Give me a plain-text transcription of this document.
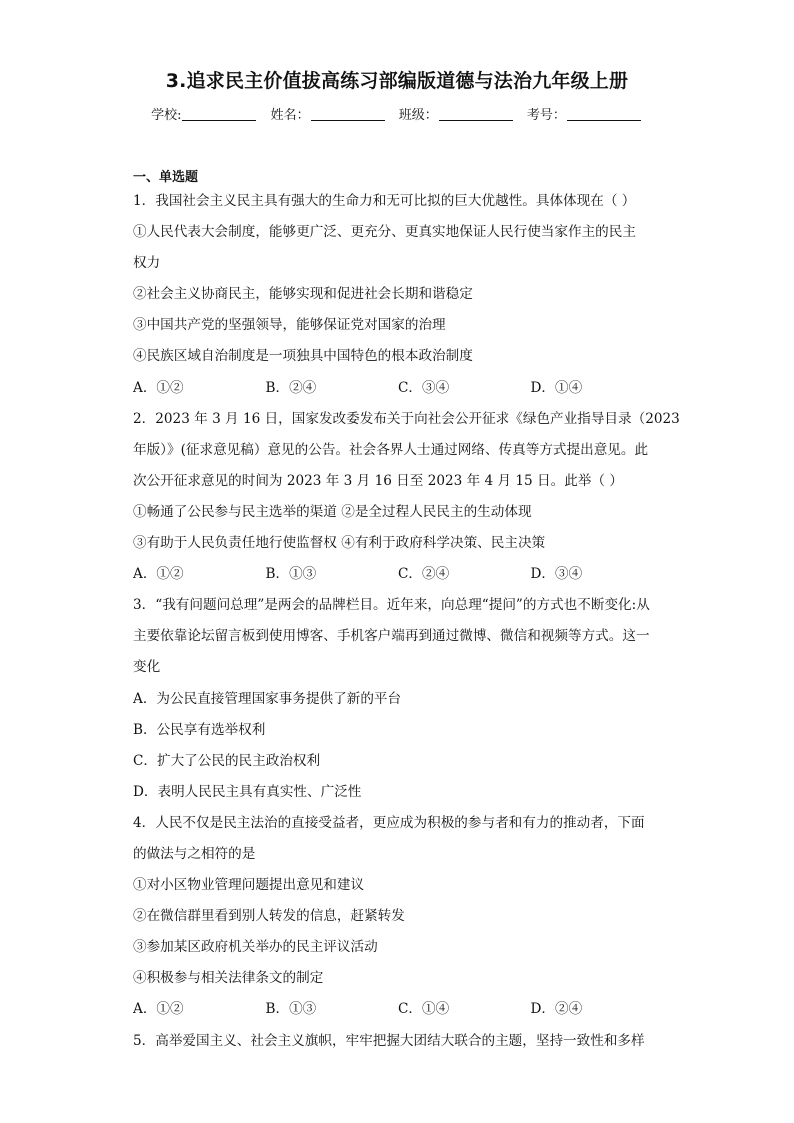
3.追求民主价值拔高练习部编版道德与法治九年级上册
学校:	姓名：	班级：	考号：
一、单选题
1．我国社会主义民主具有强大的生命力和无可比拟的巨大优越性。具体体现在（ ）
①人民代表大会制度，能够更广泛、更充分、更真实地保证人民行使当家作主的民主
权力
②社会主义协商民主，能够实现和促进社会长期和谐稳定
③中国共产党的坚强领导，能够保证党对国家的治理
④民族区域自治制度是一项独具中国特色的根本政治制度
A．①②	B．②④	C．③④	D．①④
2．2023 年 3 月 16 日，国家发改委发布关于向社会公开征求《绿色产业指导目录（2023
年版）》(征求意见稿）意见的公告。社会各界人士通过网络、传真等方式提出意见。此
次公开征求意见的时间为 2023 年 3 月 16 日至 2023 年 4 月 15 日。此举（ ）
①畅通了公民参与民主选举的渠道 ②是全过程人民民主的生动体现
③有助于人民负责任地行使监督权 ④有利于政府科学决策、民主决策
A．①②	B．①③	C．②④	D．③④
3．“我有问题问总理”是两会的品牌栏目。近年来，向总理“提问”的方式也不断变化:从
主要依靠论坛留言板到使用博客、手机客户端再到通过微博、微信和视频等方式。这一
变化
A．为公民直接管理国家事务提供了新的平台
B．公民享有选举权利
C．扩大了公民的民主政治权利
D．表明人民民主具有真实性、广泛性
4．人民不仅是民主法治的直接受益者，更应成为积极的参与者和有力的推动者，下面
的做法与之相符的是
①对小区物业管理问题提出意见和建议
②在微信群里看到别人转发的信息，赶紧转发
③参加某区政府机关举办的民主评议活动
④积极参与相关法律条文的制定
A．①②	B．①③	C．①④	D．②④
5．高举爱国主义、社会主义旗帜，牢牢把握大团结大联合的主题，坚持一致性和多样
